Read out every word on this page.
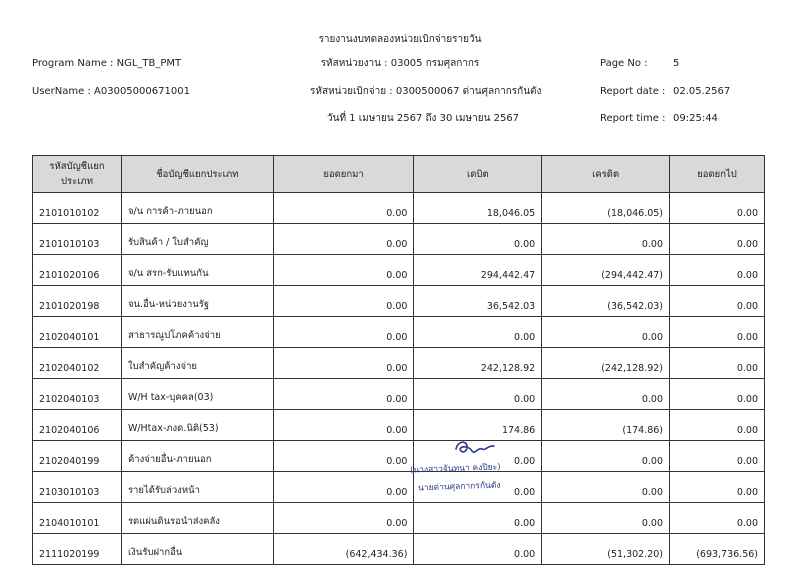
รายงานงบทดลองหน่วยเบิกจ่ายรายวัน
Program Name : NGL_TB_PMT	รหัสหน่วยงาน : 03005 กรมศุลกากร	Page No :	5
UserName : A03005000671001	รหัสหน่วยเบิกจ่าย : 0300500067 ด่านศุลกากรกันตัง	Report date : 02.05.2567
วันที่ 1 เมษายน 2567 ถึง 30 เมษายน 2567	Report time : 09:25:44
รหัสบัญชีแยกประเภท	ชื่อบัญชีแยกประเภท	ยอดยกมา	เดบิต	เครดิต	ยอดยกไป
2101010102	จ/น การค้า-ภายนอก	0.00	18,046.05	(18,046.05)	0.00
2101010103	รับสินค้า / ใบสำคัญ	0.00	0.00	0.00	0.00
2101020106	จ/น สรก-รับแทนกัน	0.00	294,442.47	(294,442.47)	0.00
2101020198	จน.อื่น-หน่วยงานรัฐ	0.00	36,542.03	(36,542.03)	0.00
2102040101	สาธารณูปโภคค้างจ่าย	0.00	0.00	0.00	0.00
2102040102	ใบสำคัญค้างจ่าย	0.00	242,128.92	(242,128.92)	0.00
2102040103	W/H tax-บุคคล(03)	0.00	0.00	0.00	0.00
2102040106	W/Htax-ภงด.นิติ(53)	0.00	174.86	(174.86)	0.00
2102040199	ค้างจ่ายอื่น-ภายนอก	0.00	0.00	0.00	0.00
2103010103	รายได้รับล่วงหน้า	0.00	0.00	0.00	0.00
2104010101	รดแผ่นดินรอนำส่งคลัง	0.00	0.00	0.00	0.00
2111020199	เงินรับฝากอื่น	(642,434.36)	0.00	(51,302.20)	(693,736.56)
(นางสาวจันทนา คงปิยะ)
นายด่านศุลกากรกันตัง
